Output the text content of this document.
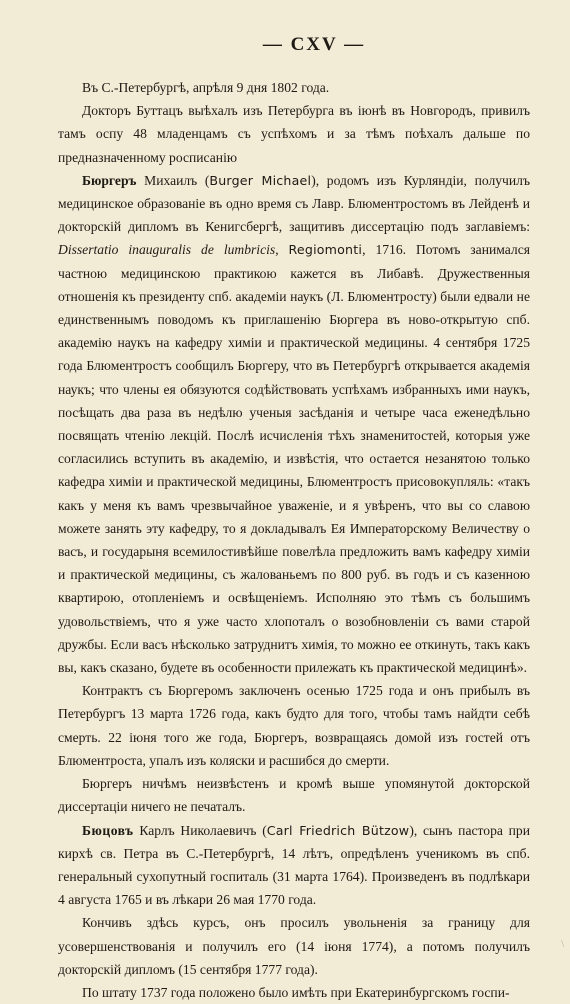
— CXV —

Въ С.-Петербургѣ, апрѣля 9 дня 1802 года.

Докторъ Буттацъ выѣхалъ изъ Петербурга въ іюнѣ въ Новгородъ, привилъ тамъ оспу 48 младенцамъ съ успѣхомъ и за тѣмъ поѣхалъ дальше по предназначенному росписанію

Бюргеръ Михаилъ (Burger Michael), родомъ изъ Курляндіи, получилъ медицинское образованіе въ одно время съ Лавр. Блюментростомъ въ Лейденѣ и докторскій дипломъ въ Кенигсбергѣ, защитивъ диссертацію подъ заглавіемъ: Dissertatio inauguralis de lumbricis, Regiomonti, 1716. Потомъ занимался частною медицинскою практикою кажется въ Либавѣ. Дружественныя отношенія къ президенту спб. академіи наукъ (Л. Блюментросту) были едвали не единственнымъ поводомъ къ приглашенію Бюргера въ ново-открытую спб. академію наукъ на кафедру химіи и практической медицины. 4 сентября 1725 года Блюментростъ сообщилъ Бюргеру, что въ Петербургѣ открывается академія наукъ; что члены ея обязуются содѣйствовать успѣхамъ избранныхъ ими наукъ, посѣщать два раза въ недѣлю ученыя засѣданія и четыре часа еженедѣльно посвящать чтенію лекцій. Послѣ исчисленія тѣхъ знаменитостей, которыя уже согласились вступить въ академію, и извѣстія, что остается незанятою только кафедра химіи и практической медицины, Блюментростъ присовокупляль: «такъ какъ у меня къ вамъ чрезвычайное уваженіе, и я увѣренъ, что вы со славою можете занять эту кафедру, то я докладывалъ Ея Императорскому Величеству о васъ, и государыня всемилостивѣйше повелѣла предложить вамъ кафедру химіи и практической медицины, съ жалованьемъ по 800 руб. въ годъ и съ казенною квартирою, отопленіемъ и освѣщеніемъ. Исполняю это тѣмъ съ большимъ удовольствіемъ, что я уже часто хлопоталъ о возобновленіи съ вами старой дружбы. Если васъ нѣсколько затруднитъ химія, то можно ее откинуть, такъ какъ вы, какъ сказано, будете въ особенности прилежать къ практической медицинѣ».

Контрактъ съ Бюргеромъ заключенъ осенью 1725 года и онъ прибылъ въ Петербургъ 13 марта 1726 года, какъ будто для того, чтобы тамъ найдти себѣ смерть. 22 іюня того же года, Бюргеръ, возвращаясь домой изъ гостей отъ Блюментроста, упалъ изъ коляски и расшибся до смерти.

Бюргеръ ничѣмъ неизвѣстенъ и кромѣ выше упомянутой докторской диссертаціи ничего не печаталъ.

Бюцовъ Карлъ Николаевичъ (Carl Friedrich Bützow), сынъ пастора при кирхѣ св. Петра въ С.-Петербургѣ, 14 лѣтъ, опредѣленъ ученикомъ въ спб. генеральный сухопутный госпиталь (31 марта 1764). Произведенъ въ подлѣкари 4 августа 1765 и въ лѣкари 26 мая 1770 года.

Кончивъ здѣсь курсъ, онъ просилъ увольненія за границу для усовершенствованія и получилъ его (14 іюня 1774), а потомъ получилъ докторскій дипломъ (15 сентября 1777 года).

По штату 1737 года положено было имѣть при Екатеринбургскомъ госпи-

\
